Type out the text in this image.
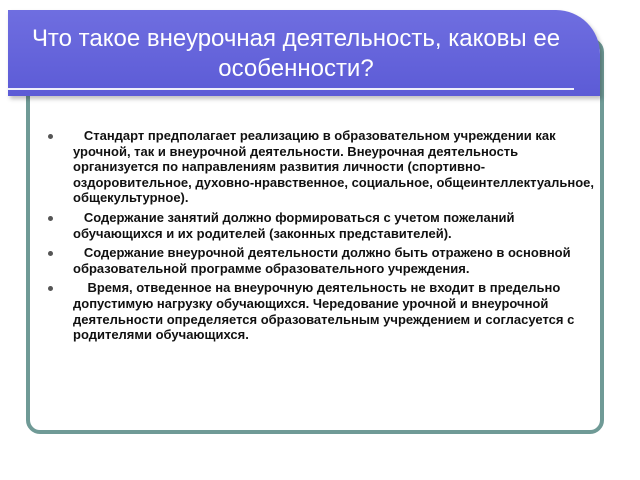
Что такое внеурочная деятельность, каковы ее особенности?
Стандарт предполагает реализацию в образовательном учреждении как урочной, так и внеурочной деятельности. Внеурочная деятельность организуется по направлениям развития личности (спортивно-оздоровительное, духовно-нравственное, социальное, общеинтеллектуальное, общекультурное).
Содержание занятий должно формироваться с учетом пожеланий обучающихся и их родителей (законных представителей).
Содержание внеурочной деятельности должно быть отражено в основной образовательной программе образовательного учреждения.
Время, отведенное на внеурочную деятельность не входит в предельно допустимую нагрузку обучающихся. Чередование урочной и внеурочной деятельности определяется образовательным учреждением и согласуется с родителями обучающихся.
